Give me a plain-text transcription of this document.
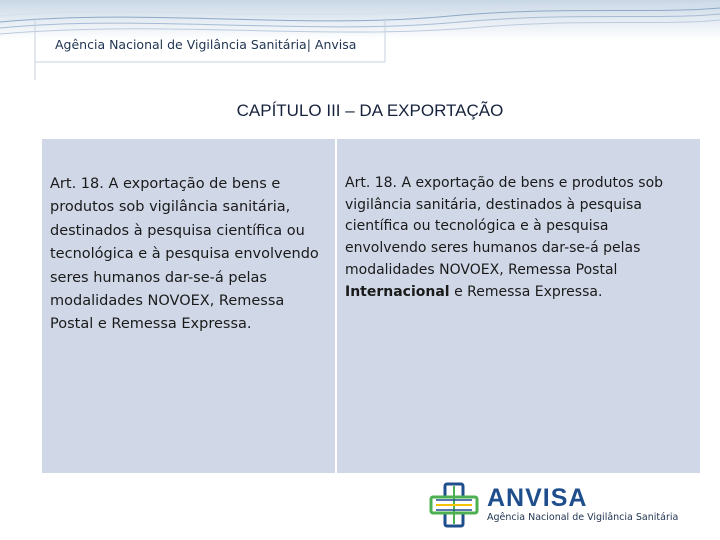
Agência Nacional de Vigilância Sanitária| Anvisa
CAPÍTULO III – DA EXPORTAÇÃO
Art. 18. A exportação de bens e produtos sob vigilância sanitária, destinados à pesquisa científica ou tecnológica e à pesquisa envolvendo seres humanos dar-se-á pelas modalidades NOVOEX, Remessa Postal e Remessa Expressa.
Art. 18. A exportação de bens e produtos sob vigilância sanitária, destinados à pesquisa científica ou tecnológica e à pesquisa envolvendo seres humanos dar-se-á pelas modalidades NOVOEX, Remessa Postal Internacional e Remessa Expressa.
ANVISA
Agência Nacional de Vigilância Sanitária
